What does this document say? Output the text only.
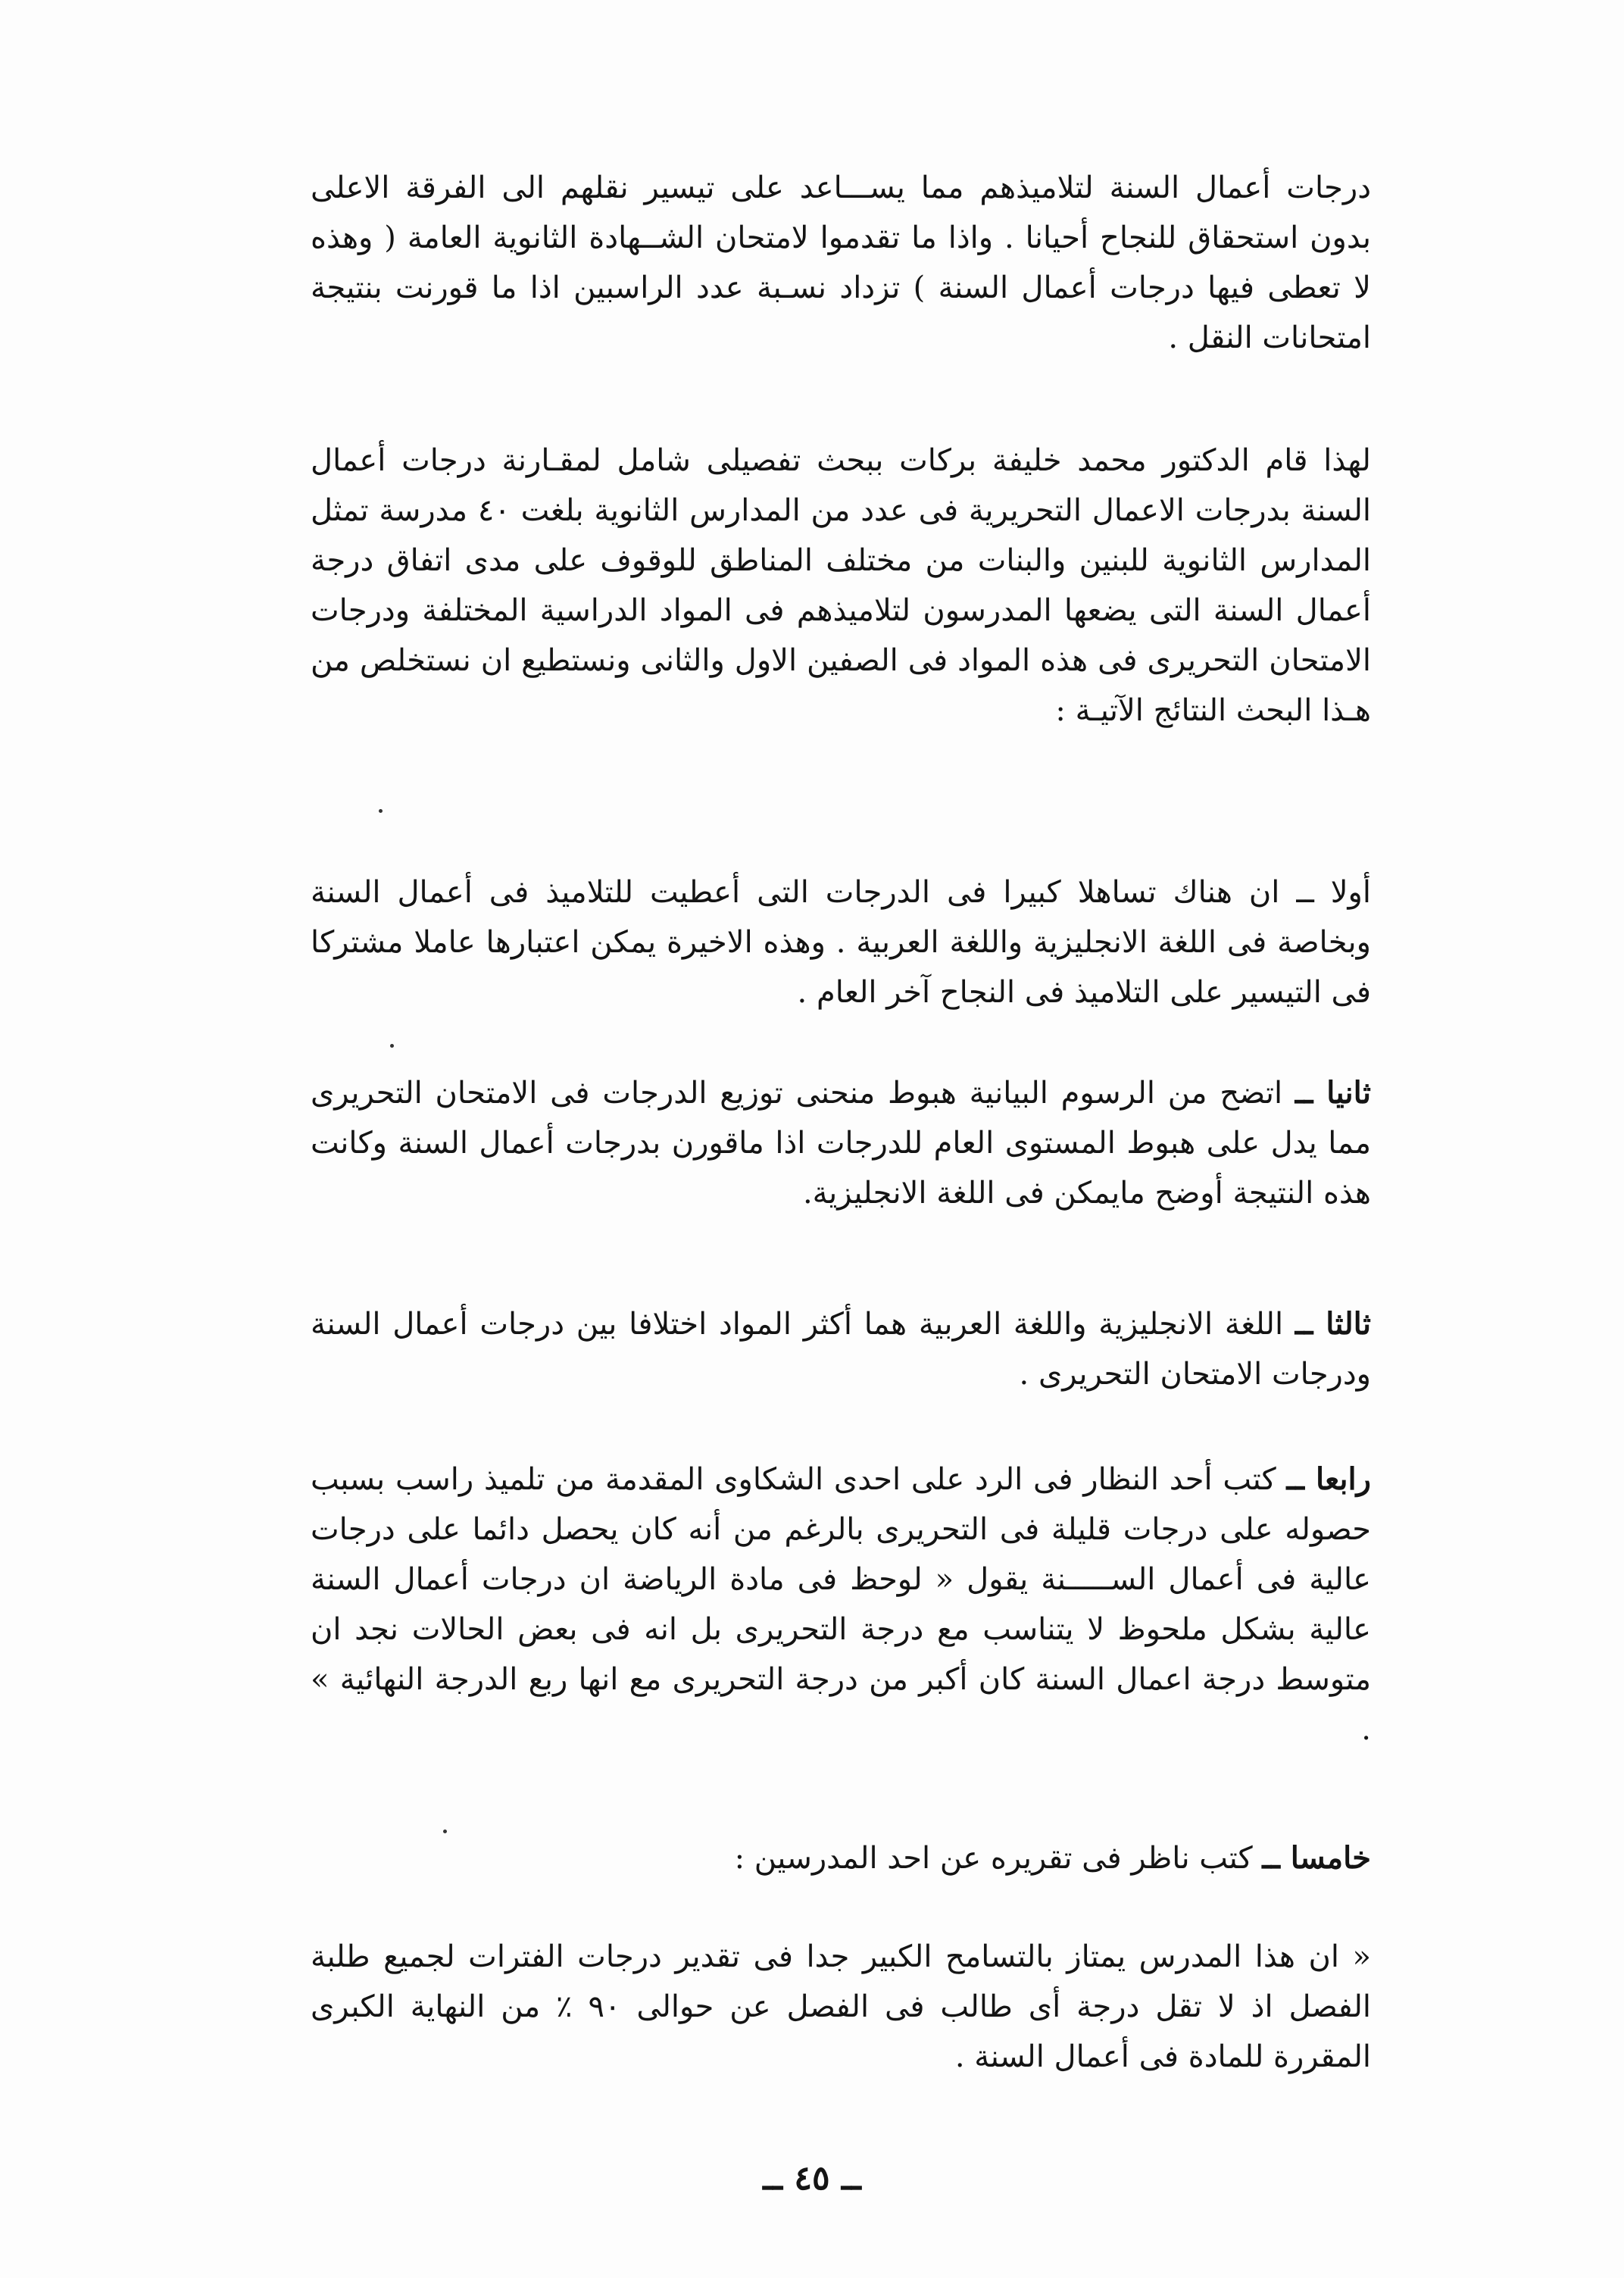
درجات أعمال السنة لتلاميذهم مما يســـاعد على تيسير نقلهم الى الفرقة الاعلى بدون استحقاق للنجاح أحيانا . واذا ما تقدموا لامتحان الشــهادة الثانوية العامة ( وهذه لا تعطى فيها درجات أعمال السنة ) تزداد نسـبة عدد الراسبين اذا ما قورنت بنتيجة امتحانات النقل .

لهذا قام الدكتور محمد خليفة بركات ببحث تفصيلى شامل لمقـارنة درجات أعمال السنة بدرجات الاعمال التحريرية فى عدد من المدارس الثانوية بلغت ٤٠ مدرسة تمثل المدارس الثانوية للبنين والبنات من مختلف المناطق للوقوف على مدى اتفاق درجة أعمال السنة التى يضعها المدرسون لتلاميذهم فى المواد الدراسية المختلفة ودرجات الامتحان التحريرى فى هذه المواد فى الصفين الاول والثانى ونستطيع ان نستخلص من هـذا البحث النتائج الآتيـة :

أولا ــ ان هناك تساهلا كبيرا فى الدرجات التى أعطيت للتلاميذ فى أعمال السنة وبخاصة فى اللغة الانجليزية واللغة العربية . وهذه الاخيرة يمكن اعتبارها عاملا مشتركا فى التيسير على التلاميذ فى النجاح آخر العام .

ثانيا ــ اتضح من الرسوم البيانية هبوط منحنى توزيع الدرجات فى الامتحان التحريرى مما يدل على هبوط المستوى العام للدرجات اذا ماقورن بدرجات أعمال السنة وكانت هذه النتيجة أوضح مايمكن فى اللغة الانجليزية.

ثالثا ــ اللغة الانجليزية واللغة العربية هما أكثر المواد اختلافا بين درجات أعمال السنة ودرجات الامتحان التحريرى .

رابعا ــ كتب أحد النظار فى الرد على احدى الشكاوى المقدمة من تلميذ راسب بسبب حصوله على درجات قليلة فى التحريرى بالرغم من أنه كان يحصل دائما على درجات عالية فى أعمال الســـــنة يقول « لوحظ فى مادة الرياضة ان درجات أعمال السنة عالية بشكل ملحوظ لا يتناسب مع درجة التحريرى بل انه فى بعض الحالات نجد ان متوسط درجة اعمال السنة كان أكبر من درجة التحريرى مع انها ربع الدرجة النهائية » .

خامسا ــ كتب ناظر فى تقريره عن احد المدرسين :

« ان هذا المدرس يمتاز بالتسامح الكبير جدا فى تقدير درجات الفترات لجميع طلبة الفصل اذ لا تقل درجة أى طالب فى الفصل عن حوالى ٩٠ ٪ من النهاية الكبرى المقررة للمادة فى أعمال السنة .

ــ ٤٥ ــ
